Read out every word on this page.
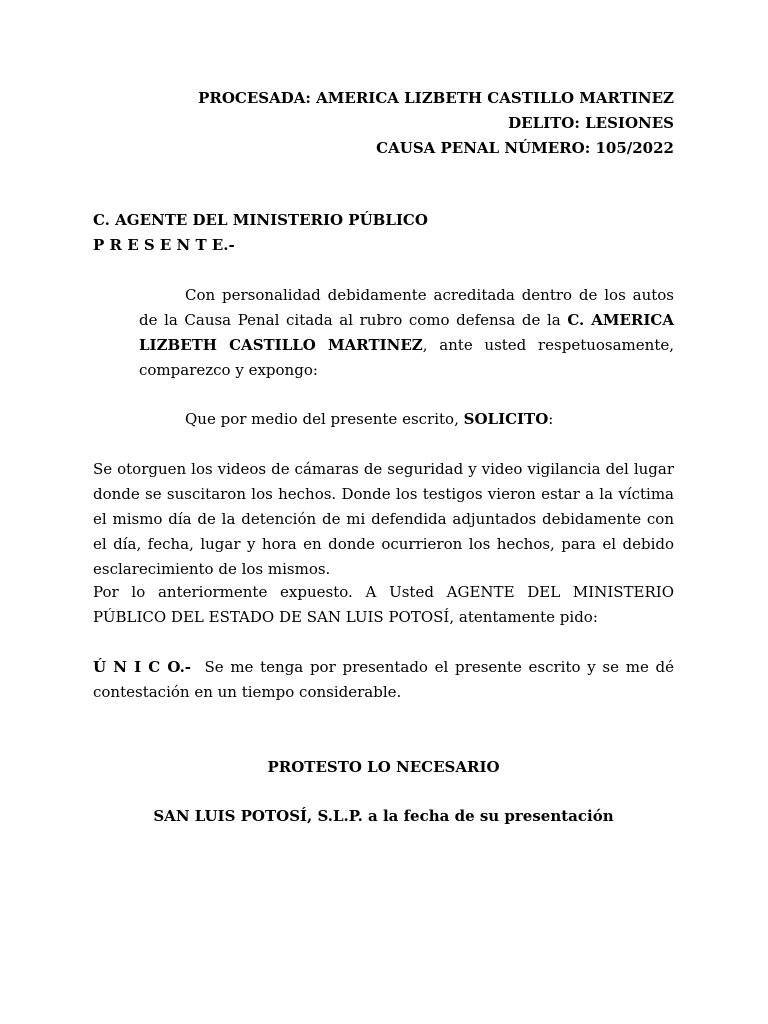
PROCESADA: AMERICA LIZBETH CASTILLO MARTINEZ
DELITO: LESIONES
CAUSA PENAL NÚMERO: 105/2022
C. AGENTE DEL MINISTERIO PÚBLICO
P R E S E N T E.-

Con personalidad debidamente acreditada dentro de los autos de la Causa Penal citada al rubro como defensa de la C. AMERICA LIZBETH CASTILLO MARTINEZ, ante usted respetuosamente, comparezco y expongo:

Que por medio del presente escrito, SOLICITO:

Se otorguen los videos de cámaras de seguridad y video vigilancia del lugar donde se suscitaron los hechos. Donde los testigos vieron estar a la víctima el mismo día de la detención de mi defendida adjuntados debidamente con el día, fecha, lugar y hora en donde ocurrieron los hechos, para el debido esclarecimiento de los mismos.

Por lo anteriormente expuesto. A Usted AGENTE DEL MINISTERIO PÚBLICO DEL ESTADO DE SAN LUIS POTOSÍ, atentamente pido:

Ú N I C O.-  Se me tenga por presentado el presente escrito y se me dé contestación en un tiempo considerable.

PROTESTO LO NECESARIO
SAN LUIS POTOSÍ, S.L.P. a la fecha de su presentación
